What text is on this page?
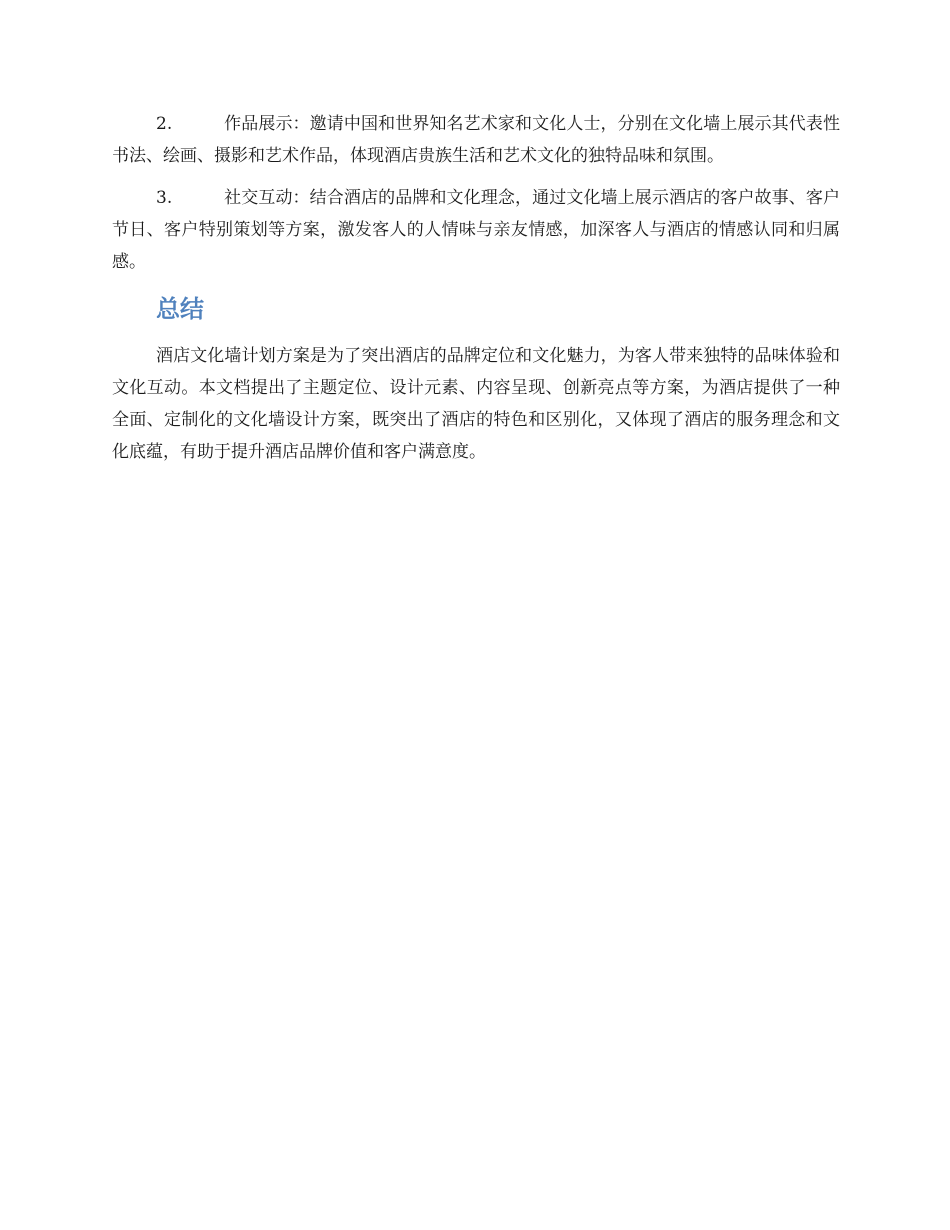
2.	作品展示：邀请中国和世界知名艺术家和文化人士，分别在文化墙上展示其代表性书法、绘画、摄影和艺术作品，体现酒店贵族生活和艺术文化的独特品味和氛围。

3.	社交互动：结合酒店的品牌和文化理念，通过文化墙上展示酒店的客户故事、客户节日、客户特别策划等方案，激发客人的人情味与亲友情感，加深客人与酒店的情感认同和归属感。

总结

酒店文化墙计划方案是为了突出酒店的品牌定位和文化魅力，为客人带来独特的品味体验和文化互动。本文档提出了主题定位、设计元素、内容呈现、创新亮点等方案，为酒店提供了一种全面、定制化的文化墙设计方案，既突出了酒店的特色和区别化，又体现了酒店的服务理念和文化底蕴，有助于提升酒店品牌价值和客户满意度。
